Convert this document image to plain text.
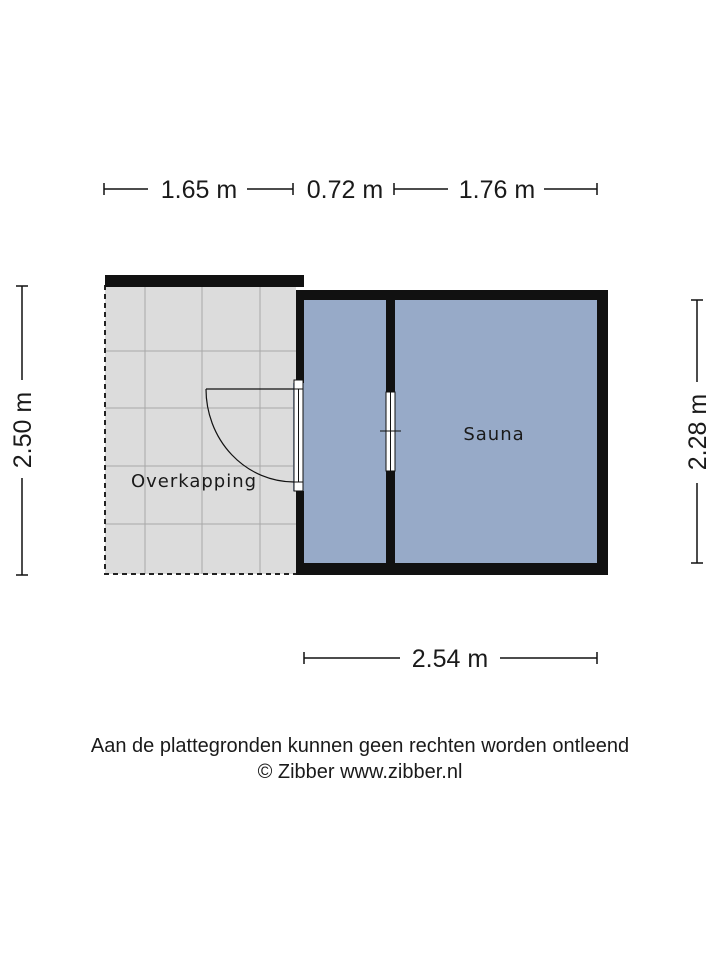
Overkapping
Sauna
1.65 m	0.72 m	1.76 m
2.50 m	2.28 m
2.54 m
Aan de plattegronden kunnen geen rechten worden ontleend
© Zibber www.zibber.nl
